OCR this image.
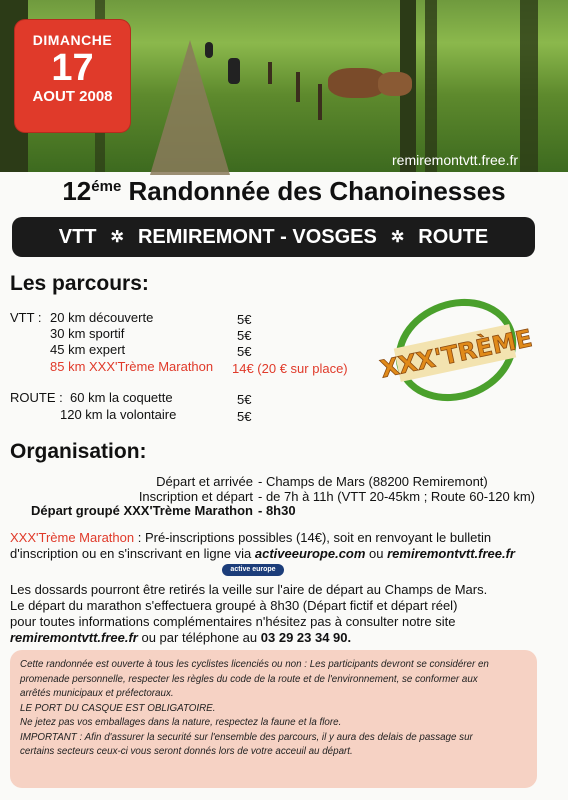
DIMANCHE
17
AOUT 2008
remiremontvtt.free.fr
$12^{éme}$ Randonnée des Chanoinesses
VTT ✲ REMIREMONT - VOSGES ✲ ROUTE
Les parcours:
VTT : 20 km découverte	5€
30 km sportif	5€
45 km expert	5€
85 km XXX'Trème Marathon 14€ (20 € sur place)
ROUTE : 60 km la coquette	5€
120 km la volontaire	5€
XXX'TRÈME
Organisation:
Départ et arrivée - Champs de Mars (88200 Remiremont)
Inscription et départ - de 7h à 11h (VTT 20-45km ; Route 60-120 km)
Départ groupé XXX'Trème Marathon - 8h30
XXX'Trème Marathon : Pré-inscriptions possibles (14€), soit en renvoyant le bulletin
d'inscription ou en s'inscrivant en ligne via activeeurope.com ou remiremontvtt.free.fr
active europe
Les dossards pourront être retirés la veille sur l'aire de départ au Champs de Mars.
Le départ du marathon s'effectuera groupé à 8h30 (Départ fictif et départ réel)
pour toutes informations complémentaires n'hésitez pas à consulter notre site
remiremontvtt.free.fr ou par téléphone au 03 29 23 34 90.
Cette randonnée est ouverte à tous les cyclistes licenciés ou non : Les participants devront se considérer en
promenade personnelle, respecter les règles du code de la route et de l'environnement, se conformer aux
arrêtés municipaux et préfectoraux.
LE PORT DU CASQUE EST OBLIGATOIRE.
Ne jetez pas vos emballages dans la nature, respectez la faune et la flore.
IMPORTANT : Afin d'assurer la securité sur l'ensemble des parcours, il y aura des delais de passage sur
certains secteurs ceux-ci vous seront donnés lors de votre acceuil au départ.
